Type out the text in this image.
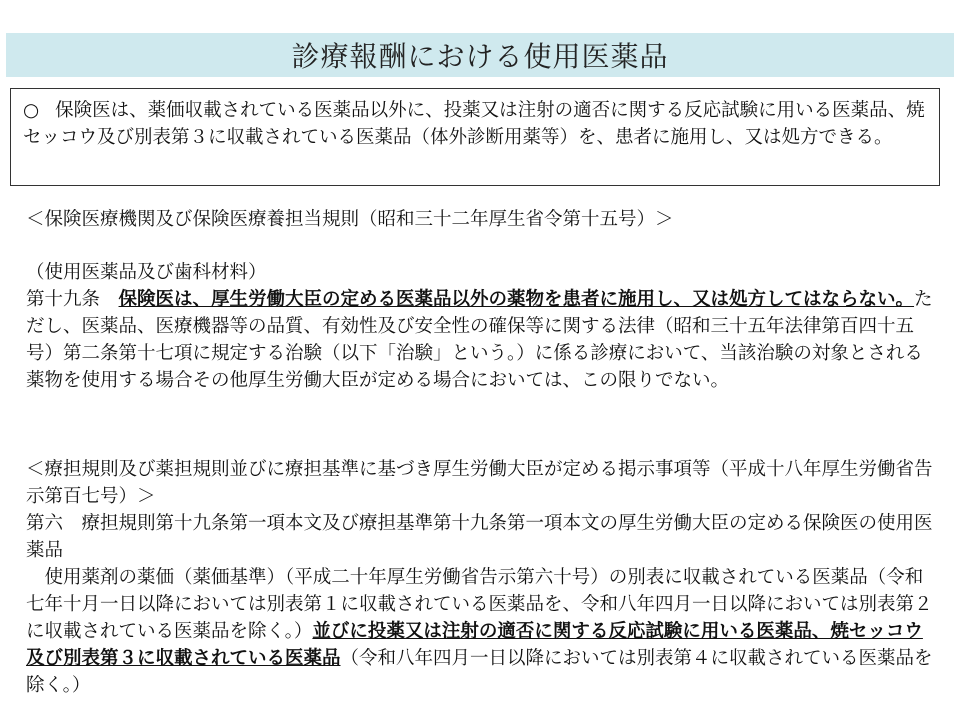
診療報酬における使用医薬品
○ 保険医は、薬価収載されている医薬品以外に、投薬又は注射の適否に関する反応試験に用いる医薬品、焼セッコウ及び別表第３に収載されている医薬品（体外診断用薬等）を、患者に施用し、又は処方できる。
＜保険医療機関及び保険医療養担当規則（昭和三十二年厚生省令第十五号）＞

（使用医薬品及び歯科材料）

第十九条　 保険医は、厚生労働大臣の定める医薬品以外の薬物を患者に施用し、又は処方してはならない。ただし、医薬品、医療機器等の品質、有効性及び安全性の確保等に関する法律（昭和三十五年法律第百四十五号）第二条第十七項に規定する治験（以下「治験」という。）に係る診療において、当該治験の対象とされる薬物を使用する場合その他厚生労働大臣が定める場合においては、この限りでない。

＜療担規則及び薬担規則並びに療担基準に基づき厚生労働大臣が定める掲示事項等（平成十八年厚生労働省告示第百七号）＞

第六　療担規則第十九条第一項本文及び療担基準第十九条第一項本文の厚生労働大臣の定める保険医の使用医薬品

　使用薬剤の薬価（薬価基準）（平成二十年厚生労働省告示第六十号）の別表に収載されている医薬品（令和七年十月一日以降においては別表第１に収載されている医薬品を、令和八年四月一日以降においては別表第２に収載されている医薬品を除く。）並びに投薬又は注射の適否に関する反応試験に用いる医薬品、焼セッコウ及び別表第３に収載されている医薬品（令和八年四月一日以降においては別表第４に収載されている医薬品を除く。）
